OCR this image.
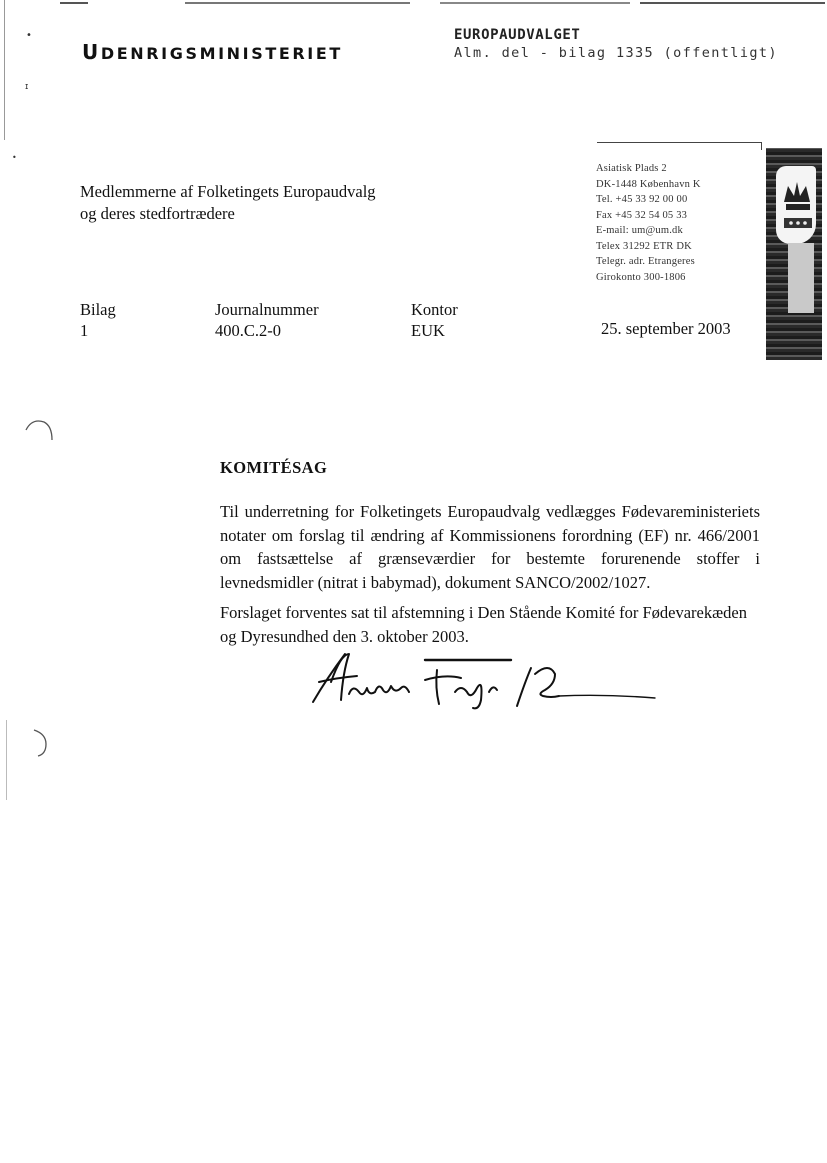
•
ɪ
•
UDENRIGSMINISTERIET
EUROPAUDVALGET
Alm. del - bilag 1335 (offentligt)
Asiatisk Plads 2
DK-1448 København K
Tel. +45 33 92 00 00
Fax +45 32 54 05 33
E-mail: um@um.dk
Telex 31292 ETR DK
Telegr. adr. Etrangeres
Girokonto 300-1806
Medlemmerne af Folketingets Europaudvalg
og deres stedfortrædere
Bilag
1
Journalnummer
400.C.2-0
Kontor
EUK	25. september 2003
KOMITÉSAG
Til underretning for Folketingets Europaudvalg vedlægges Fødevareministeriets notater om forslag til ændring af Kommissionens forordning (EF) nr. 466/2001 om fastsættelse af grænseværdier for bestemte forurenende stoffer i levnedsmidler (nitrat i babymad), dokument SANCO/2002/1027.
Forslaget forventes sat til afstemning i Den Stående Komité for Fødevarekæden og Dyresundhed den 3. oktober 2003.
